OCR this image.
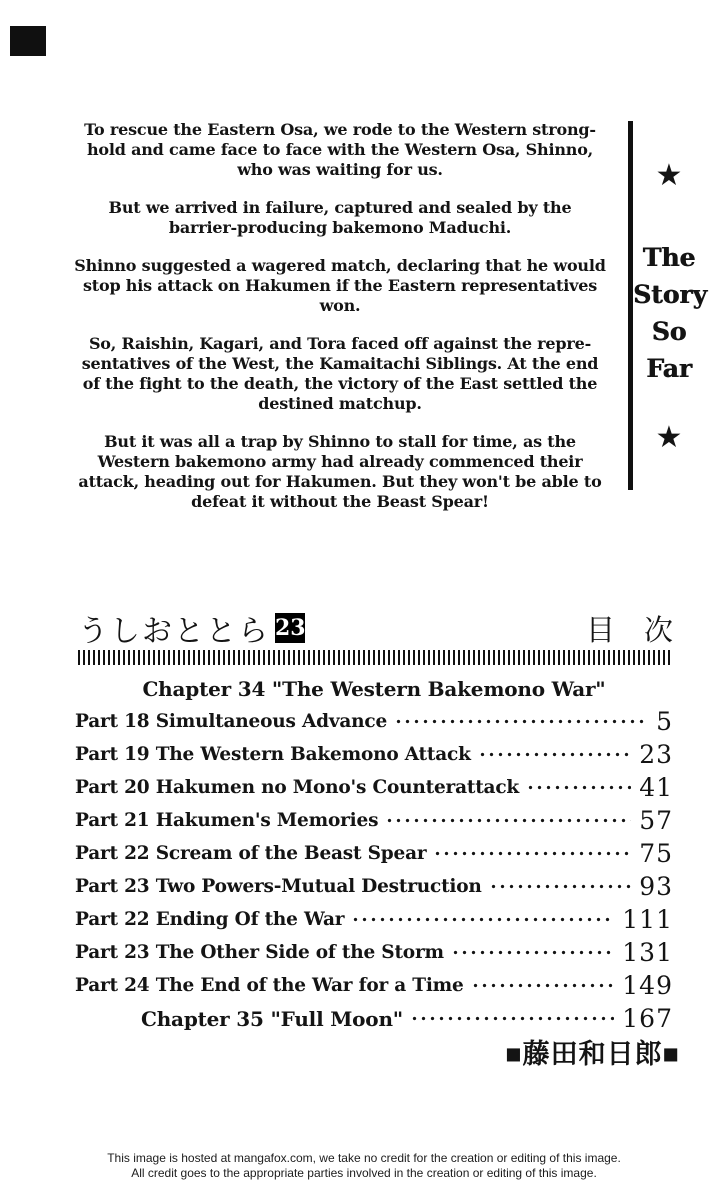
To rescue the Eastern Osa, we rode to the Western strong-
hold and came face to face with the Western Osa, Shinno,
who was waiting for us.

But we arrived in failure, captured and sealed by the
barrier-producing bakemono Maduchi.

Shinno suggested a wagered match, declaring that he would
stop his attack on Hakumen if the Eastern representatives
won.

So, Raishin, Kagari, and Tora faced off against the repre-
sentatives of the West, the Kamaitachi Siblings. At the end
of the fight to the death, the victory of the East settled the
destined matchup.

But it was all a trap by Shinno to stall for time, as the
Western bakemono army had already commenced their
attack, heading out for Hakumen. But they won't be able to
defeat it without the Beast Spear!

★
The
Story
So
Far
★
うしおととら 23	目　次
Chapter 34 "The Western Bakemono War"
Part 18 Simultaneous Advance	5
Part 19 The Western Bakemono Attack	23
Part 20 Hakumen no Mono's Counterattack	41
Part 21 Hakumen's Memories	57
Part 22 Scream of the Beast Spear	75
Part 23 Two Powers-Mutual Destruction	93
Part 22 Ending Of the War	111
Part 23 The Other Side of the Storm	131
Part 24 The End of the War for a Time	149
Chapter 35 "Full Moon"	167
■藤田和日郎■
This image is hosted at mangafox.com, we take no credit for the creation or editing of this image.
All credit goes to the appropriate parties involved in the creation or editing of this image.
